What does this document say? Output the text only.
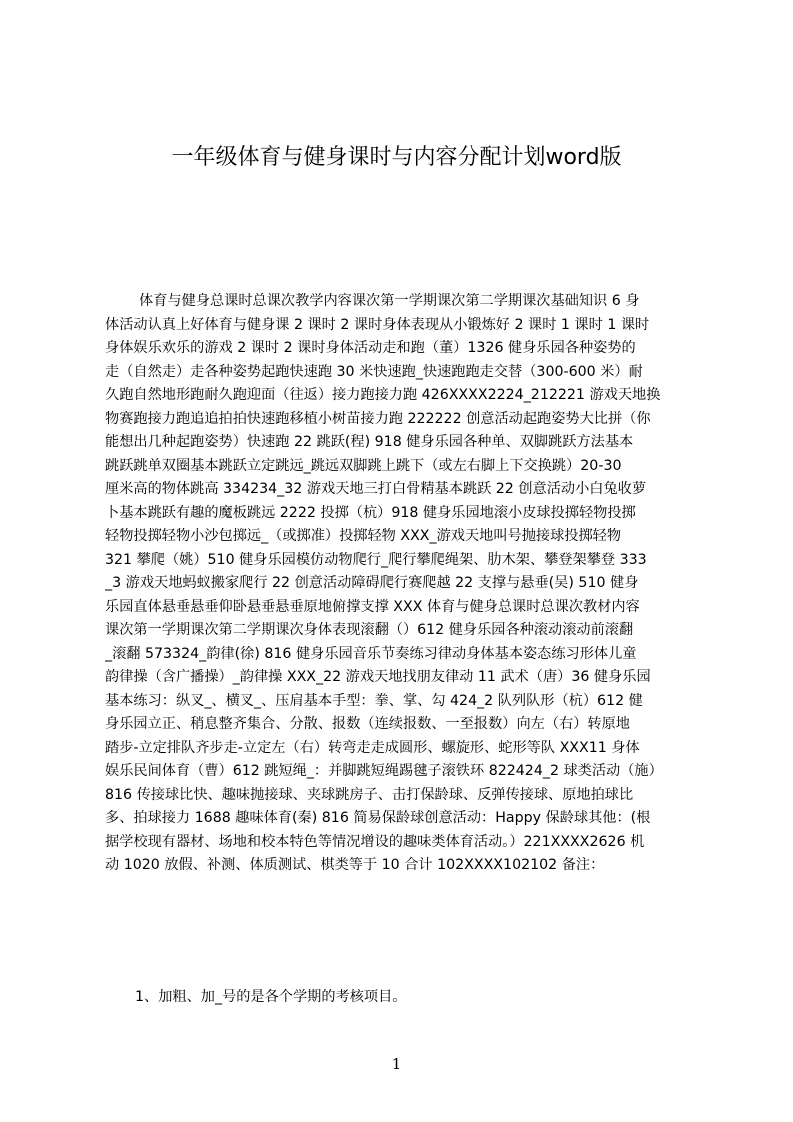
一年级体育与健身课时与内容分配计划word版
体育与健身总课时总课次教学内容课次第一学期课次第二学期课次基础知识 6 身
体活动认真上好体育与健身课 2 课时 2 课时身体表现从小锻炼好 2 课时 1 课时 1 课时
身体娱乐欢乐的游戏 2 课时 2 课时身体活动走和跑（董）1326 健身乐园各种姿势的
走（自然走）走各种姿势起跑快速跑 30 米快速跑_快速跑跑走交替（300-600 米）耐
久跑自然地形跑耐久跑迎面（往返）接力跑接力跑 426XXXX2224_212221 游戏天地换
物赛跑接力跑追追拍拍快速跑移植小树苗接力跑 222222 创意活动起跑姿势大比拼（你
能想出几种起跑姿势）快速跑 22 跳跃(程) 918 健身乐园各种单、双脚跳跃方法基本
跳跃跳单双圈基本跳跃立定跳远_跳远双脚跳上跳下（或左右脚上下交换跳）20-30
厘米高的物体跳高 334234_32 游戏天地三打白骨精基本跳跃 22 创意活动小白兔收萝
卜基本跳跃有趣的魔板跳远 2222 投掷（杭）918 健身乐园地滚小皮球投掷轻物投掷
轻物投掷轻物小沙包掷远_（或掷准）投掷轻物 XXX_游戏天地叫号抛接球投掷轻物
321 攀爬（姚）510 健身乐园模仿动物爬行_爬行攀爬绳架、肋木架、攀登架攀登 333
_3 游戏天地蚂蚁搬家爬行 22 创意活动障碍爬行赛爬越 22 支撑与悬垂(吴) 510 健身
乐园直体悬垂悬垂仰卧悬垂悬垂原地俯撑支撑 XXX 体育与健身总课时总课次教材内容
课次第一学期课次第二学期课次身体表现滚翻（）612 健身乐园各种滚动滚动前滚翻
_滚翻 573324_韵律(徐) 816 健身乐园音乐节奏练习律动身体基本姿态练习形体儿童
韵律操（含广播操）_韵律操 XXX_22 游戏天地找朋友律动 11 武术（唐）36 健身乐园
基本练习：纵叉_、横叉_、压肩基本手型：拳、掌、勾 424_2 队列队形（杭）612 健
身乐园立正、稍息整齐集合、分散、报数（连续报数、一至报数）向左（右）转原地
踏步-立定排队齐步走-立定左（右）转弯走走成圆形、螺旋形、蛇形等队 XXX11 身体
娱乐民间体育（曹）612 跳短绳_：并脚跳短绳踢毽子滚铁环 822424_2 球类活动（施）
816 传接球比快、趣味抛接球、夹球跳房子、击打保龄球、反弹传接球、原地拍球比
多、拍球接力 1688 趣味体育(秦) 816 简易保龄球创意活动：Happy 保龄球其他：(根
据学校现有器材、场地和校本特色等情况增设的趣味类体育活动。）221XXXX2626 机
动 1020 放假、补测、体质测试、棋类等于 10 合计 102XXXX102102 备注：
1、加粗、加_号的是各个学期的考核项目。
1
